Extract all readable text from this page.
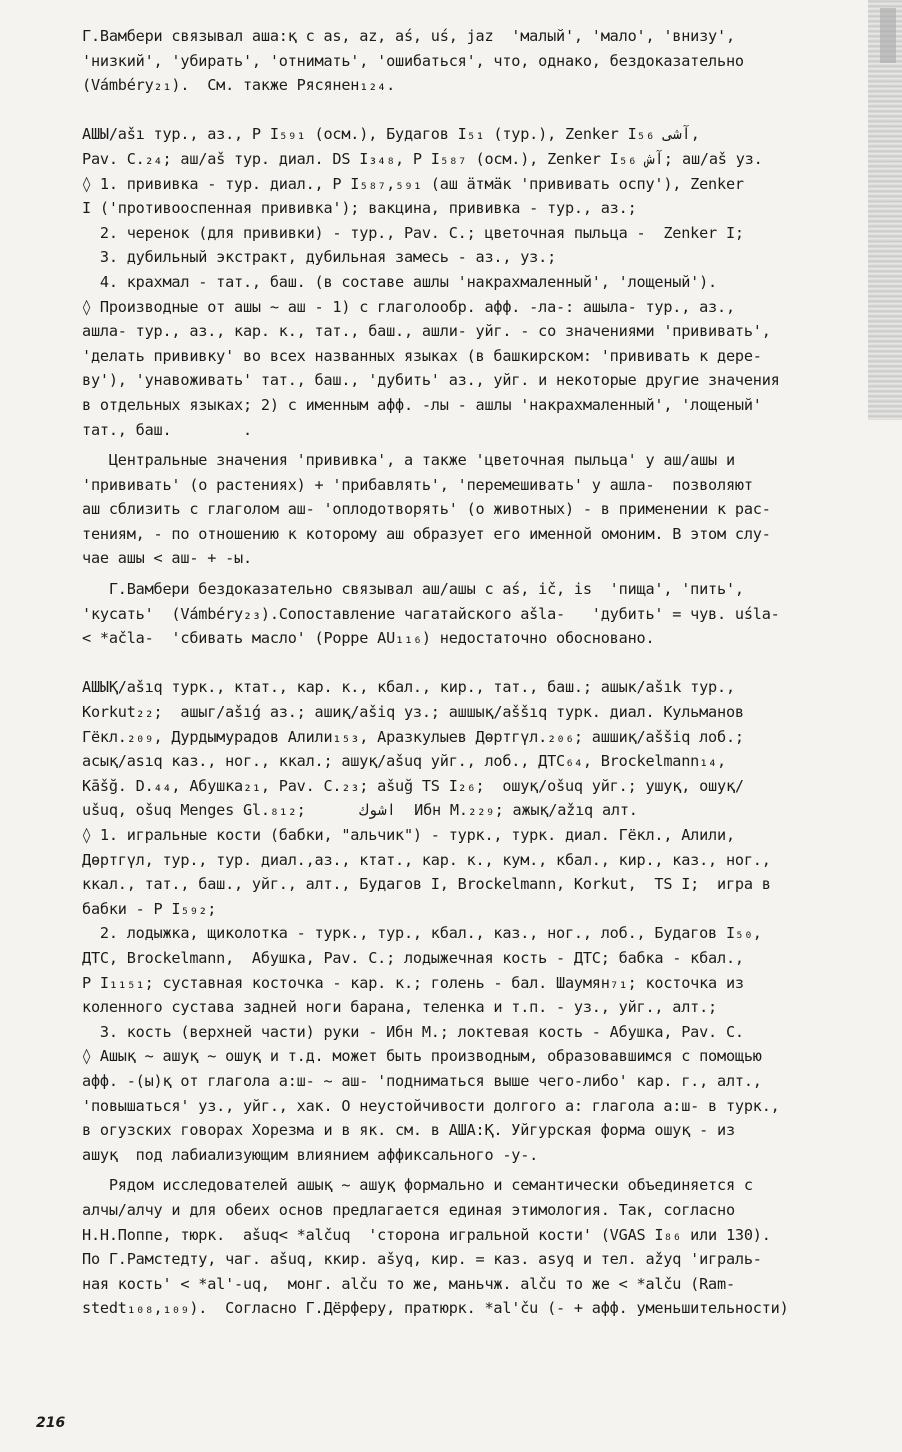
Г.Вамбери связывал аша:қ с as, az, aś, uś, jaz  'малый', 'мало', 'внизу',
'низкий', 'убирать', 'отнимать', 'ошибаться', что, однако, бездоказательно
(Vámbéry₂₁).  См. также Рясянен₁₂₄.
АШЫ/ašı тур., аз., Р I₅₉₁ (осм.), Будагов I₅₁ (тур.), Zenker I₅₆ آشى,
Pav. C.₂₄; аш/aš тур. диал. DS I₃₄₈, Р I₅₈₇ (осм.), Zenker I₅₆ آش; аш/aš уз.
◊ 1. прививка - тур. диал., Р I₅₈₇,₅₉₁ (аш äтмäк 'прививать оспу'), Zenker
I ('противооспенная прививка'); вакцина, прививка - тур., аз.;
2. черенок (для прививки) - тур., Pav. C.; цветочная пыльца -  Zenker I;
3. дубильный экстракт, дубильная замесь - аз., уз.;
4. крахмал - тат., баш. (в составе ашлы 'накрахмаленный', 'лощеный').
◊ Производные от ашы ~ аш - 1) с глаголообр. афф. -ла-: ашыла- тур., аз.,
ашла- тур., аз., кар. к., тат., баш., ашли- уйг. - со значениями 'прививать',
'делать прививку' во всех названных языках (в башкирском: 'прививать к дере-
ву'), 'унавоживать' тат., баш., 'дубить' аз., уйг. и некоторые другие значения
в отдельных языках; 2) с именным афф. -лы - ашлы 'накрахмаленный', 'лощеный'
тат., баш.        .
Центральные значения 'прививка', а также 'цветочная пыльца' у аш/ашы и
'прививать' (о растениях) + 'прибавлять', 'перемешивать' у ашла-  позволяют
аш сблизить с глаголом аш- 'оплодотворять' (о животных) - в применении к рас-
тениям, - по отношению к которому аш образует его именной омоним. В этом слу-
чае ашы < аш- + -ы.
Г.Вамбери бездоказательно связывал аш/ашы с aś, ič, is  'пища', 'пить',
'кусать'  (Vámbéry₂₃).Сопоставление чагатайского ašla-   'дубить' = чув. uśla-
< *ačla-  'сбивать масло' (Poppe AU₁₁₆) недостаточно обосновано.
АШЫҚ/ašıq турк., ктат., кар. к., кбал., кир., тат., баш.; ашык/ašık тур.,
Korkut₂₂;  ашыг/ašıǵ аз.; ашиқ/ašiq уз.; ашшық/aššıq турк. диал. Кульманов
Гёкл.₂₀₉, Дурдымурадов Алили₁₅₃, Аразкулыев Дөртгүл.₂₀₆; ашшиқ/aššiq лоб.;
асық/asıq каз., ног., ккал.; ашуқ/ašuq уйг., лоб., ДТС₆₄, Brockelmann₁₄,
Kāšğ. D.₄₄, Абушка₂₁, Pav. C.₂₃; ašuğ TS I₂₆;  ошуқ/ošuq уйг.; ушуқ, ошуқ/
ušuq, ošuq Menges Gl.₈₁₂;      اشوك  Ибн М.₂₂₉; ажық/ažıq алт.
◊ 1. игральные кости (бабки, "альчик") - турк., турк. диал. Гёкл., Алили,
Дөртгүл, тур., тур. диал.,аз., ктат., кар. к., кум., кбал., кир., каз., ног.,
ккал., тат., баш., уйг., алт., Будагов I, Brockelmann, Korkut,  TS I;  игра в
бабки - Р I₅₉₂;
2. лодыжка, щиколотка - турк., тур., кбал., каз., ног., лоб., Будагов I₅₀,
ДТС, Brockelmann,  Абушка, Pav. C.; лодыжечная кость - ДТС; бабка - кбал.,
Р I₁₁₅₁; суставная косточка - кар. к.; голень - бал. Шаумян₇₁; косточка из
коленного сустава задней ноги барана, теленка и т.п. - уз., уйг., алт.;
3. кость (верхней части) руки - Ибн М.; локтевая кость - Абушка, Pav. C.
◊ Ашық ~ ашуқ ~ ошуқ и т.д. может быть производным, образовавшимся с помощью
афф. -(ы)қ от глагола а:ш- ~ аш- 'подниматься выше чего-либо' кар. г., алт.,
'повышаться' уз., уйг., хак. О неустойчивости долгого а: глагола а:ш- в турк.,
в огузских говорах Хорезма и в як. см. в АША:Қ. Уйгурская форма ошуқ - из
ашуқ  под лабиализующим влиянием аффиксального -у-.
Рядом исследователей ашық ~ ашуқ формально и семантически объединяется с
алчы/алчу и для обеих основ предлагается единая этимология. Так, согласно
Н.Н.Поппе, тюрк.  ašuq< *alčuq  'сторона игральной кости' (VGAS I₈₆ или 130).
По Г.Рамстедту, чаг. ašuq, ккир. ašyq, кир. = каз. asyq и тел. ažyq 'играль-
ная кость' < *al'-uq,  монг. alču то же, маньчж. alču то же < *alču (Ram-
stedt₁₀₈,₁₀₉).  Согласно Г.Дёрферу, пратюрк. *al'ču (- + афф. уменьшительности)
216
